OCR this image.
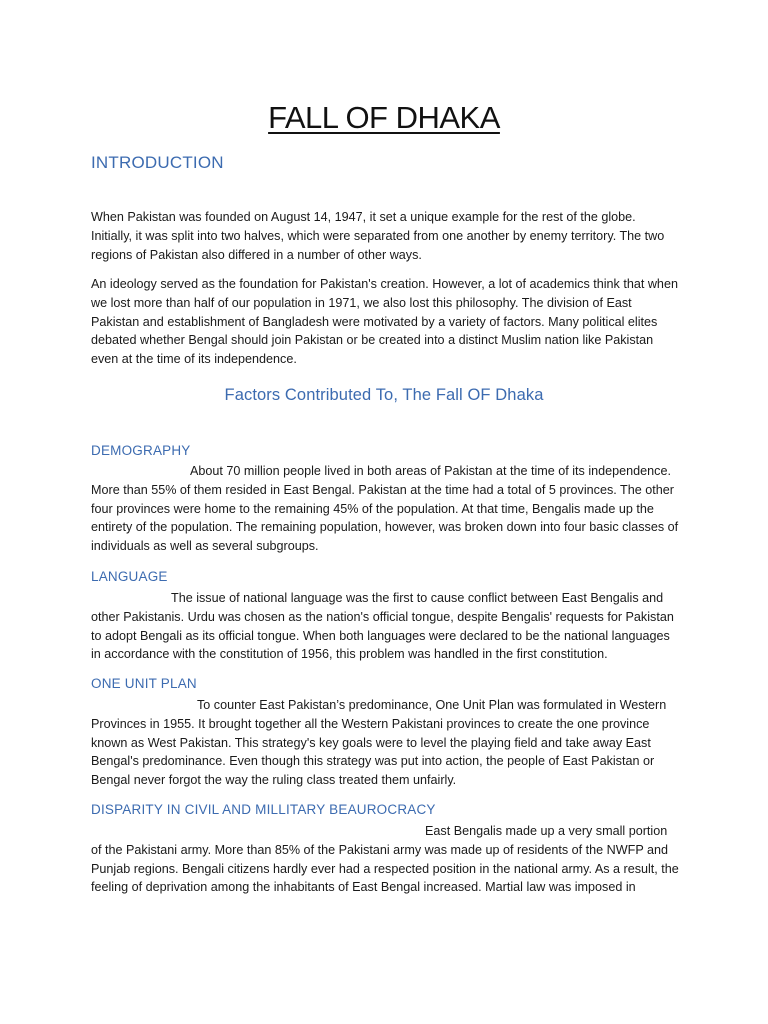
FALL OF DHAKA
INTRODUCTION

When Pakistan was founded on August 14, 1947, it set a unique example for the rest of the globe. Initially, it was split into two halves, which were separated from one another by enemy territory. The two regions of Pakistan also differed in a number of other ways.

An ideology served as the foundation for Pakistan's creation. However, a lot of academics think that when we lost more than half of our population in 1971, we also lost this philosophy. The division of East Pakistan and establishment of Bangladesh were motivated by a variety of factors. Many political elites debated whether Bengal should join Pakistan or be created into a distinct Muslim nation like Pakistan even at the time of its independence.

Factors Contributed To, The Fall OF Dhaka
DEMOGRAPHY

About 70 million people lived in both areas of Pakistan at the time of its independence. More than 55% of them resided in East Bengal. Pakistan at the time had a total of 5 provinces. The other four provinces were home to the remaining 45% of the population. At that time, Bengalis made up the entirety of the population. The remaining population, however, was broken down into four basic classes of individuals as well as several subgroups.

LANGUAGE

The issue of national language was the first to cause conflict between East Bengalis and other Pakistanis. Urdu was chosen as the nation's official tongue, despite Bengalis' requests for Pakistan to adopt Bengali as its official tongue. When both languages were declared to be the national languages in accordance with the constitution of 1956, this problem was handled in the first constitution.

ONE UNIT PLAN

To counter East Pakistan’s predominance, One Unit Plan was formulated in Western Provinces in 1955. It brought together all the Western Pakistani provinces to create the one province known as West Pakistan. This strategy's key goals were to level the playing field and take away East Bengal's predominance. Even though this strategy was put into action, the people of East Pakistan or Bengal never forgot the way the ruling class treated them unfairly.

DISPARITY IN CIVIL AND MILLITARY BEAUROCRACY

East Bengalis made up a very small portion of the Pakistani army. More than 85% of the Pakistani army was made up of residents of the NWFP and Punjab regions. Bengali citizens hardly ever had a respected position in the national army. As a result, the feeling of deprivation among the inhabitants of East Bengal increased. Martial law was imposed in
